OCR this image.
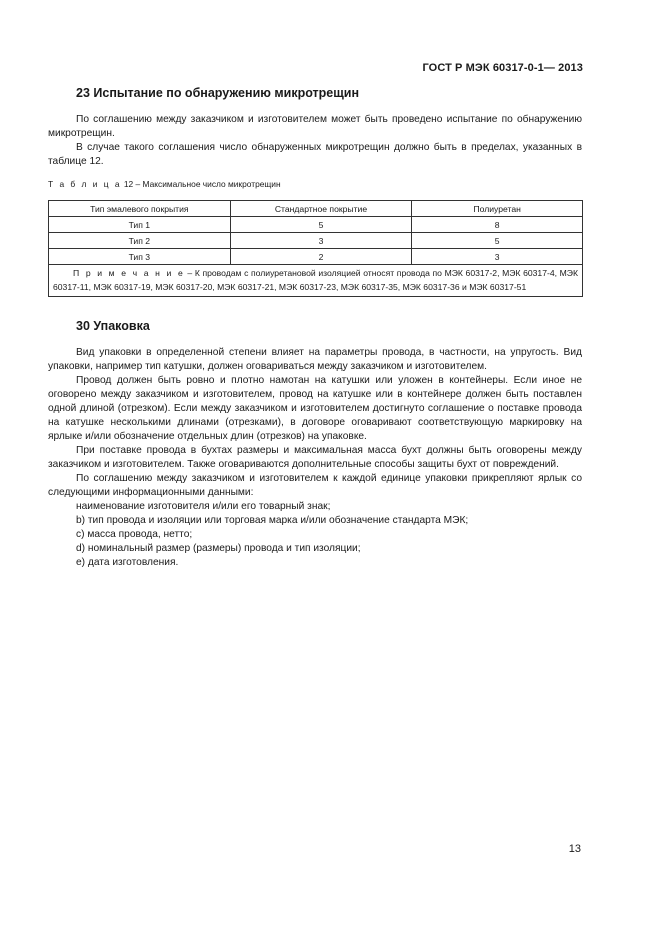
ГОСТ Р МЭК 60317-0-1— 2013
23 Испытание по обнаружению микротрещин

По соглашению между заказчиком и изготовителем может быть проведено испытание по обнаружению микротрещин.

В случае такого соглашения число обнаруженных микротрещин должно быть в пределах, указанных в таблице 12.

Т а б л и ц а 12 – Максимальное число микротрещин
Тип эмалевого покрытия	Стандартное покрытие	Полиуретан
Тип 1	5	8
Тип 2	3	5
Тип 3	2	3
П р и м е ч а н и е – К проводам с полиуретановой изоляцией относят провода по МЭК 60317-2, МЭК 60317-4, МЭК 60317-11, МЭК 60317-19, МЭК 60317-20, МЭК 60317-21, МЭК 60317-23, МЭК 60317-35, МЭК 60317-36 и МЭК 60317-51		
30 Упаковка

Вид упаковки в определенной степени влияет на параметры провода, в частности, на упругость. Вид упаковки, например тип катушки, должен оговариваться между заказчиком и изготовителем.

Провод должен быть ровно и плотно намотан на катушки или уложен в контейнеры. Если иное не оговорено между заказчиком и изготовителем, провод на катушке или в контейнере должен быть поставлен одной длиной (отрезком). Если между заказчиком и изготовителем достигнуто соглашение о поставке провода на катушке несколькими длинами (отрезками), в договоре оговаривают соответствующую маркировку на ярлыке и/или обозначение отдельных длин (отрезков) на упаковке.

При поставке провода в бухтах размеры и максимальная масса бухт должны быть оговорены между заказчиком и изготовителем. Также оговариваются дополнительные способы защиты бухт от повреждений.

По соглашению между заказчиком и изготовителем к каждой единице упаковки прикрепляют ярлык со следующими информационными данными:

наименование изготовителя и/или его товарный знак;

b) тип провода и изоляции или торговая марка и/или обозначение стандарта МЭК;

c) масса провода, нетто;

d) номинальный размер (размеры) провода и тип изоляции;

e) дата изготовления.

13
